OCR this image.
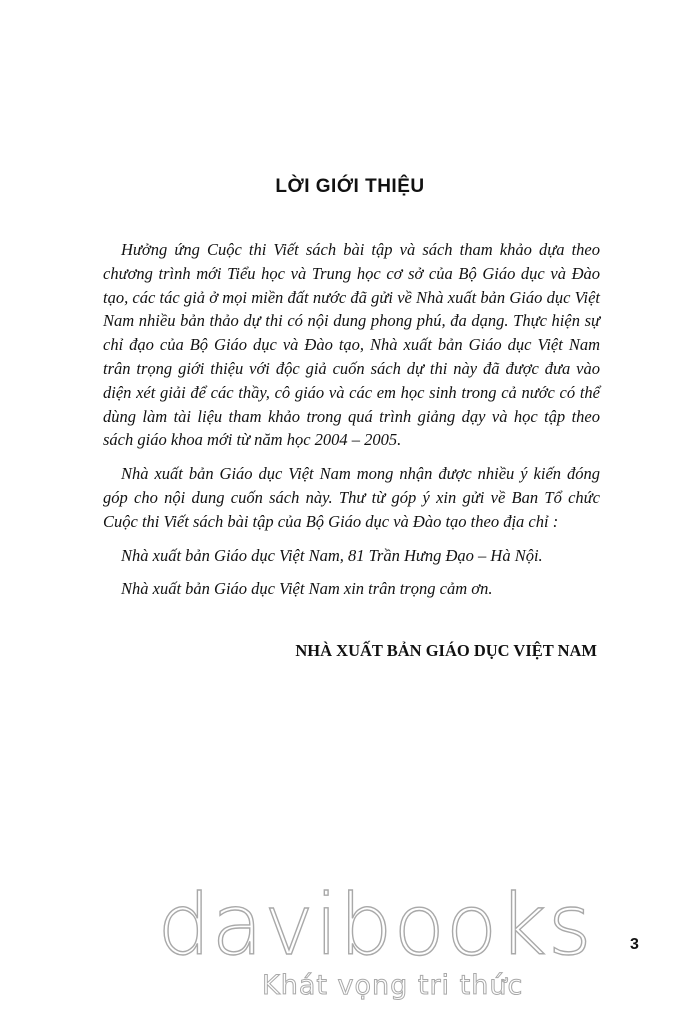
LỜI GIỚI THIỆU

Hưởng ứng Cuộc thi Viết sách bài tập và sách tham khảo dựa theo chương trình mới Tiểu học và Trung học cơ sở của Bộ Giáo dục và Đào tạo, các tác giả ở mọi miền đất nước đã gửi về Nhà xuất bản Giáo dục Việt Nam nhiều bản thảo dự thi có nội dung phong phú, đa dạng. Thực hiện sự chỉ đạo của Bộ Giáo dục và Đào tạo, Nhà xuất bản Giáo dục Việt Nam trân trọng giới thiệu với độc giả cuốn sách dự thi này đã được đưa vào diện xét giải để các thầy, cô giáo và các em học sinh trong cả nước có thể dùng làm tài liệu tham khảo trong quá trình giảng dạy và học tập theo sách giáo khoa mới từ năm học 2004 – 2005.

Nhà xuất bản Giáo dục Việt Nam mong nhận được nhiều ý kiến đóng góp cho nội dung cuốn sách này. Thư từ góp ý xin gửi về Ban Tổ chức Cuộc thi Viết sách bài tập của Bộ Giáo dục và Đào tạo theo địa chỉ :

Nhà xuất bản Giáo dục Việt Nam, 81 Trần Hưng Đạo – Hà Nội.

Nhà xuất bản Giáo dục Việt Nam xin trân trọng cảm ơn.

NHÀ XUẤT BẢN GIÁO DỤC VIỆT NAM
3
davibooks
Khát vọng tri thức
